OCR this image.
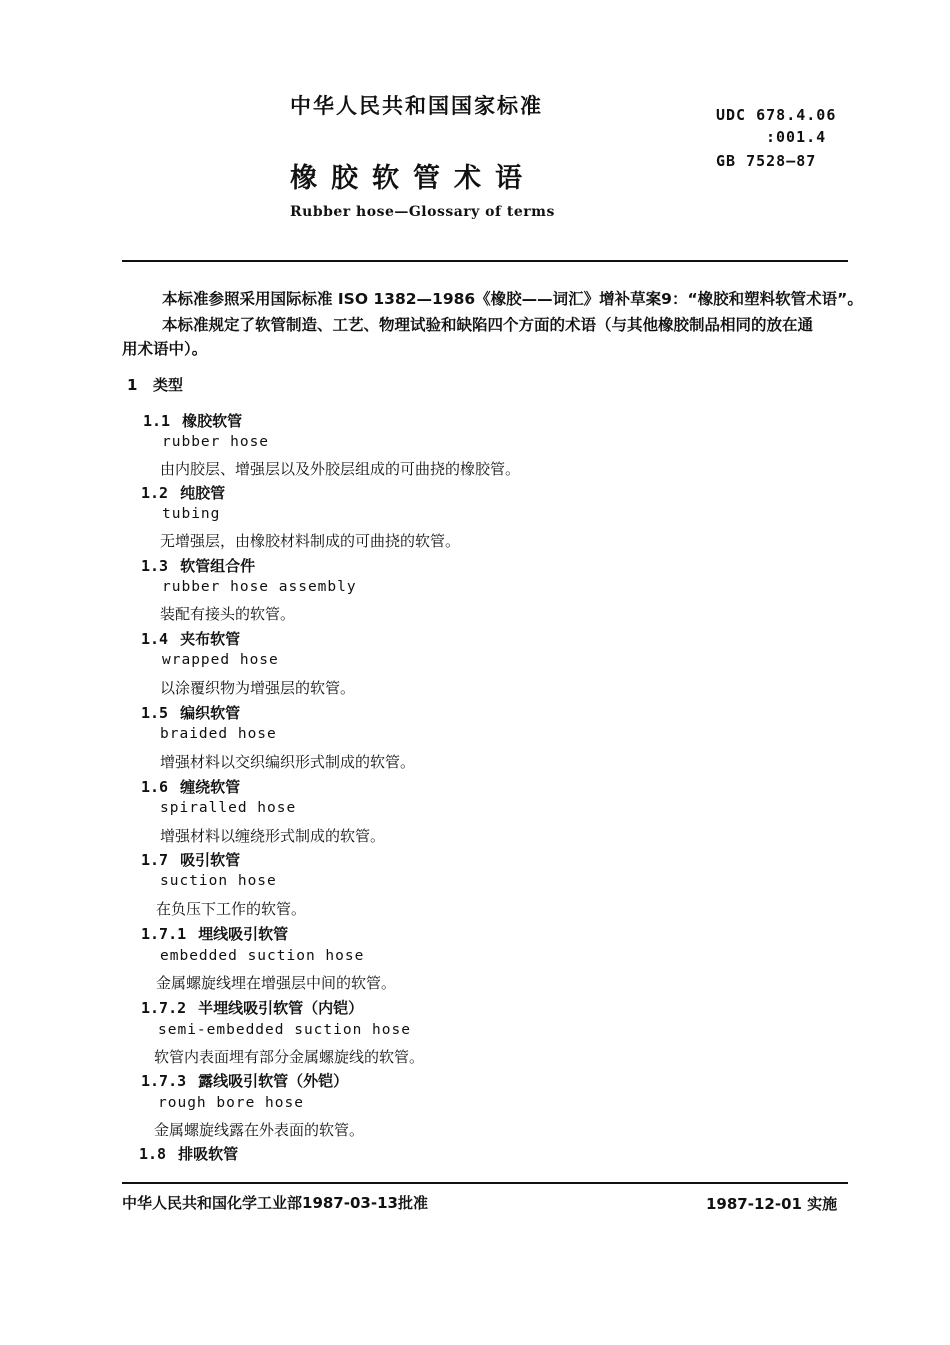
中华人民共和国国家标准	UDC 678.4.06
:001.4
GB 7528—87
橡胶软管术语
Rubber hose—Glossary of terms
本标准参照采用国际标准 ISO 1382—1986《橡胶——词汇》增补草案9：“橡胶和塑料软管术语”。
本标准规定了软管制造、工艺、物理试验和缺陷四个方面的术语（与其他橡胶制品相同的放在通
用术语中）。
1 类型
1.1 橡胶软管
rubber hose
由内胶层、增强层以及外胶层组成的可曲挠的橡胶管。
1.2 纯胶管
tubing
无增强层，由橡胶材料制成的可曲挠的软管。
1.3 软管组合件
rubber hose assembly
装配有接头的软管。
1.4 夹布软管
wrapped hose
以涂覆织物为增强层的软管。
1.5 编织软管
braided hose
增强材料以交织编织形式制成的软管。
1.6 缠绕软管
spiralled hose
增强材料以缠绕形式制成的软管。
1.7 吸引软管
suction hose
在负压下工作的软管。
1.7.1 埋线吸引软管
embedded suction hose
金属螺旋线埋在增强层中间的软管。
1.7.2 半埋线吸引软管（内铠）
semi-embedded suction hose
软管内表面埋有部分金属螺旋线的软管。
1.7.3 露线吸引软管（外铠）
rough bore hose
金属螺旋线露在外表面的软管。
1.8 排吸软管
中华人民共和国化学工业部1987-03-13批准	1987-12-01 实施
